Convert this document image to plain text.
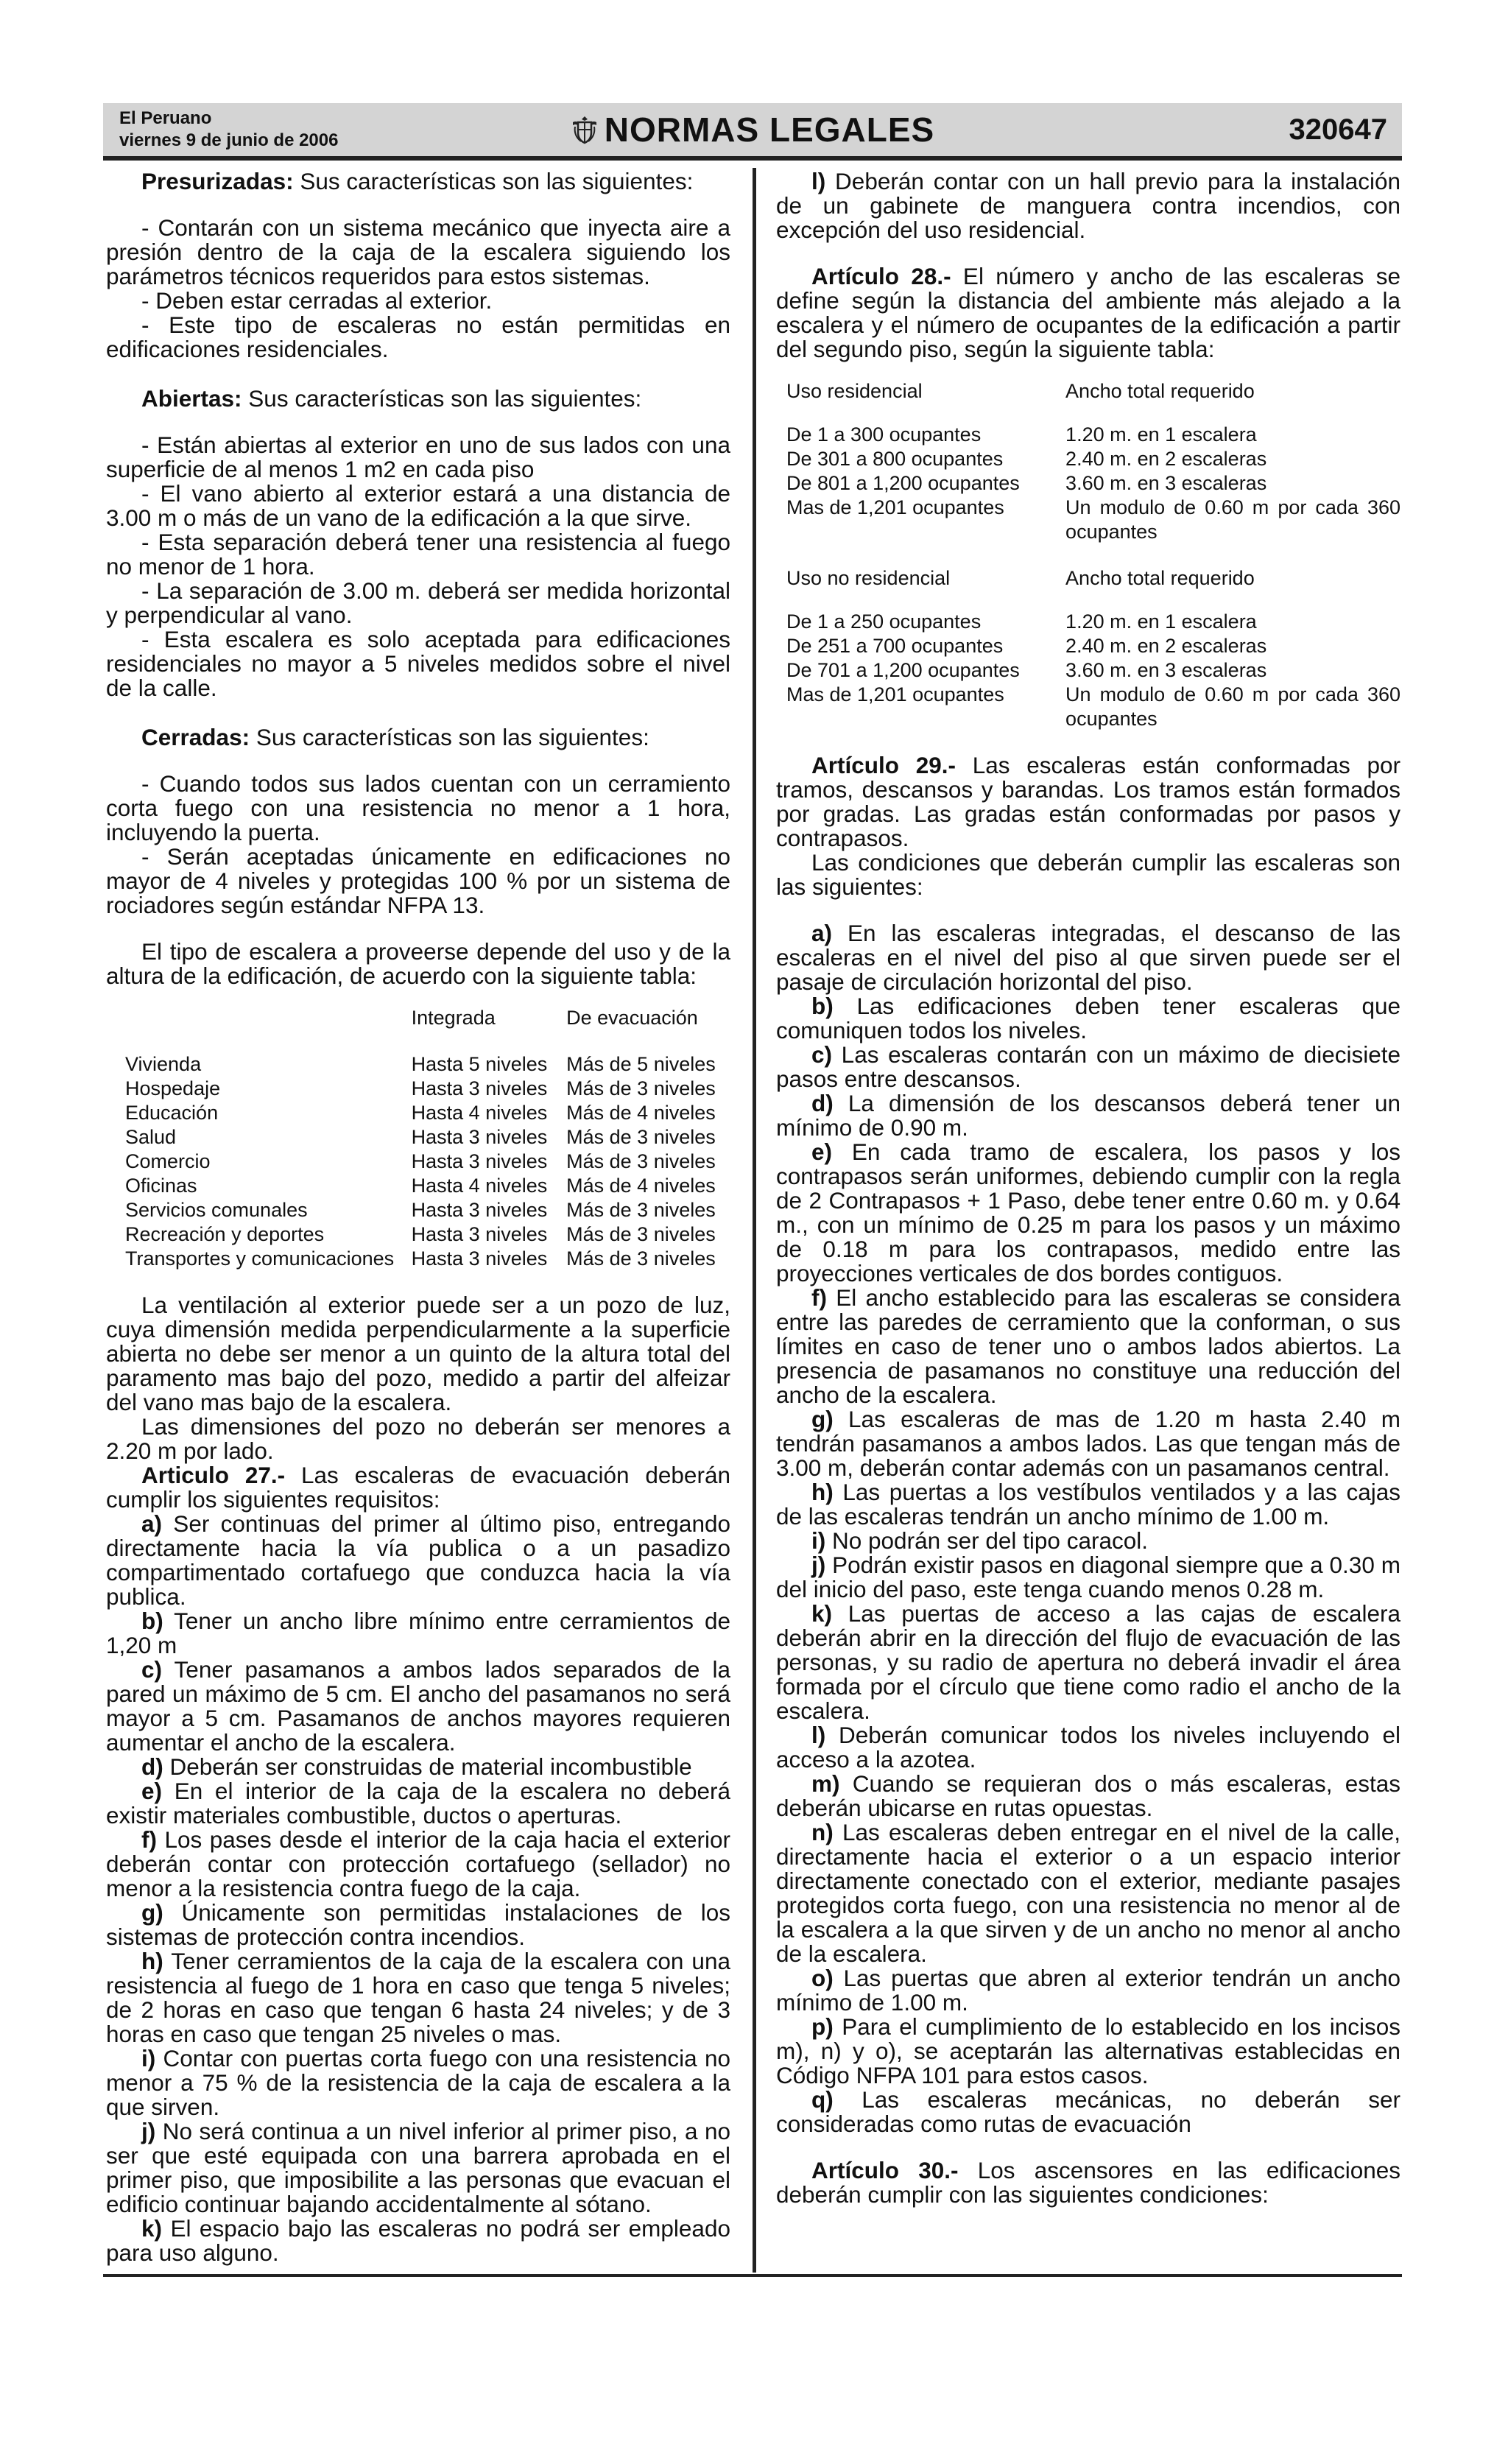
El Peruano
viernes 9 de junio de 2006	NORMAS LEGALES	320647

Presurizadas: Sus características son las siguientes:

- Contarán con un sistema mecánico que inyecta aire a presión dentro de la caja de la escalera siguiendo los parámetros técnicos requeridos para estos sistemas.

- Deben estar cerradas al exterior.

- Este tipo de escaleras no están permitidas en edificaciones residenciales.

Abiertas: Sus características son las siguientes:

- Están abiertas al exterior en uno de sus lados con una superficie de al menos 1 m2 en cada piso

- El vano abierto al exterior estará a una distancia de 3.00 m o más de un vano de la edificación a la que sirve.

- Esta separación deberá tener una resistencia al fuego no menor de 1 hora.

- La separación de 3.00 m. deberá ser medida horizontal y perpendicular al vano.

- Esta escalera es solo aceptada para edificaciones residenciales no mayor a 5 niveles medidos sobre el nivel de la calle.

Cerradas: Sus características son las siguientes:

- Cuando todos sus lados cuentan con un cerramiento corta fuego con una resistencia no menor a 1 hora, incluyendo la puerta.

- Serán aceptadas únicamente en edificaciones no mayor de 4 niveles y protegidas 100 % por un sistema de rociadores según estándar NFPA 13.

El tipo de escalera a proveerse depende del uso y de la altura de la edificación, de acuerdo con la siguiente tabla:

	Integrada	De evacuación
Vivienda	Hasta 5 niveles	Más de 5 niveles
Hospedaje	Hasta 3 niveles	Más de 3 niveles
Educación	Hasta 4 niveles	Más de 4 niveles
Salud	Hasta 3 niveles	Más de 3 niveles
Comercio	Hasta 3 niveles	Más de 3 niveles
Oficinas	Hasta 4 niveles	Más de 4 niveles
Servicios comunales	Hasta 3 niveles	Más de 3 niveles
Recreación y deportes	Hasta 3 niveles	Más de 3 niveles
Transportes y comunicaciones	Hasta 3 niveles	Más de 3 niveles

La ventilación al exterior puede ser a un pozo de luz, cuya dimensión medida perpendicularmente a la superficie abierta no debe ser menor a un quinto de la altura total del paramento mas bajo del pozo, medido a partir del alfeizar del vano mas bajo de la escalera.

Las dimensiones del pozo no deberán ser menores a 2.20 m por lado.

Articulo 27.- Las escaleras de evacuación deberán cumplir los siguientes requisitos:

a) Ser continuas del primer al último piso, entregando directamente hacia la vía publica o a un pasadizo compartimentado cortafuego que conduzca hacia la vía publica.

b) Tener un ancho libre mínimo entre cerramientos de 1,20 m

c) Tener pasamanos a ambos lados separados de la pared un máximo de 5 cm. El ancho del pasamanos no será mayor a 5 cm. Pasamanos de anchos mayores requieren aumentar el ancho de la escalera.

d) Deberán ser construidas de material incombustible

e) En el interior de la caja de la escalera no deberá existir materiales combustible, ductos o aperturas.

f) Los pases desde el interior de la caja hacia el exterior deberán contar con protección cortafuego (sellador) no menor a la resistencia contra fuego de la caja.

g) Únicamente son permitidas instalaciones de los sistemas de protección contra incendios.

h) Tener cerramientos de la caja de la escalera con una resistencia al fuego de 1 hora en caso que tenga 5 niveles; de 2 horas en caso que tengan 6 hasta 24 niveles; y de 3 horas en caso que tengan 25 niveles o mas.

i) Contar con puertas corta fuego con una resistencia no menor a 75 % de la resistencia de la caja de escalera a la que sirven.

j) No será continua a un nivel inferior al primer piso, a no ser que esté equipada con una barrera aprobada en el primer piso, que imposibilite a las personas que evacuan el edificio continuar bajando accidentalmente al sótano.

k) El espacio bajo las escaleras no podrá ser empleado para uso alguno.

l) Deberán contar con un hall previo para la instalación de un gabinete de manguera contra incendios, con excepción del uso residencial.

Artículo 28.- El número y ancho de las escaleras se define según la distancia del ambiente más alejado a la escalera y el número de ocupantes de la edificación a partir del segundo piso, según la siguiente tabla:

Uso residencial	Ancho total requerido
De 1 a 300 ocupantes	1.20 m. en 1 escalera
De 301 a 800 ocupantes	2.40 m. en 2 escaleras
De 801 a 1,200 ocupantes	3.60 m. en 3 escaleras
Mas de 1,201 ocupantes	Un modulo de 0.60 m por cada 360 ocupantes

Uso no residencial	Ancho total requerido
De 1 a 250 ocupantes	1.20 m. en 1 escalera
De 251 a 700 ocupantes	2.40 m. en 2 escaleras
De 701 a 1,200 ocupantes	3.60 m. en 3 escaleras
Mas de 1,201 ocupantes	Un modulo de 0.60 m por cada 360 ocupantes

Artículo 29.- Las escaleras están conformadas por tramos, descansos y barandas. Los tramos están formados por gradas. Las gradas están conformadas por pasos y contrapasos.

Las condiciones que deberán cumplir las escaleras son las siguientes:

a) En las escaleras integradas, el descanso de las escaleras en el nivel del piso al que sirven puede ser el pasaje de circulación horizontal del piso.

b) Las edificaciones deben tener escaleras que comuniquen todos los niveles.

c) Las escaleras contarán con un máximo de diecisiete pasos entre descansos.

d) La dimensión de los descansos deberá tener un mínimo de 0.90 m.

e) En cada tramo de escalera, los pasos y los contrapasos serán uniformes, debiendo cumplir con la regla de 2 Contrapasos + 1 Paso, debe tener entre 0.60 m. y 0.64 m., con un mínimo de 0.25 m para los pasos y un máximo de 0.18 m para los contrapasos, medido entre las proyecciones verticales de dos bordes contiguos.

f) El ancho establecido para las escaleras se considera entre las paredes de cerramiento que la conforman, o sus límites en caso de tener uno o ambos lados abiertos. La presencia de pasamanos no constituye una reducción del ancho de la escalera.

g) Las escaleras de mas de 1.20 m hasta 2.40 m tendrán pasamanos a ambos lados. Las que tengan más de 3.00 m, deberán contar además con un pasamanos central.

h) Las puertas a los vestíbulos ventilados y a las cajas de las escaleras tendrán un ancho mínimo de 1.00 m.

i) No podrán ser del tipo caracol.

j) Podrán existir pasos en diagonal siempre que a 0.30 m del inicio del paso, este tenga cuando menos 0.28 m.

k) Las puertas de acceso a las cajas de escalera deberán abrir en la dirección del flujo de evacuación de las personas, y su radio de apertura no deberá invadir el área formada por el círculo que tiene como radio el ancho de la escalera.

l) Deberán comunicar todos los niveles incluyendo el acceso a la azotea.

m) Cuando se requieran dos o más escaleras, estas deberán ubicarse en rutas opuestas.

n) Las escaleras deben entregar en el nivel de la calle, directamente hacia el exterior o a un espacio interior directamente conectado con el exterior, mediante pasajes protegidos corta fuego, con una resistencia no menor al de la escalera a la que sirven y de un ancho no menor al ancho de la escalera.

o) Las puertas que abren al exterior tendrán un ancho mínimo de 1.00 m.

p) Para el cumplimiento de lo establecido en los incisos m), n) y o), se aceptarán las alternativas establecidas en Código NFPA 101 para estos casos.

q) Las escaleras mecánicas, no deberán ser consideradas como rutas de evacuación

Artículo 30.- Los ascensores en las edificaciones deberán cumplir con las siguientes condiciones:
